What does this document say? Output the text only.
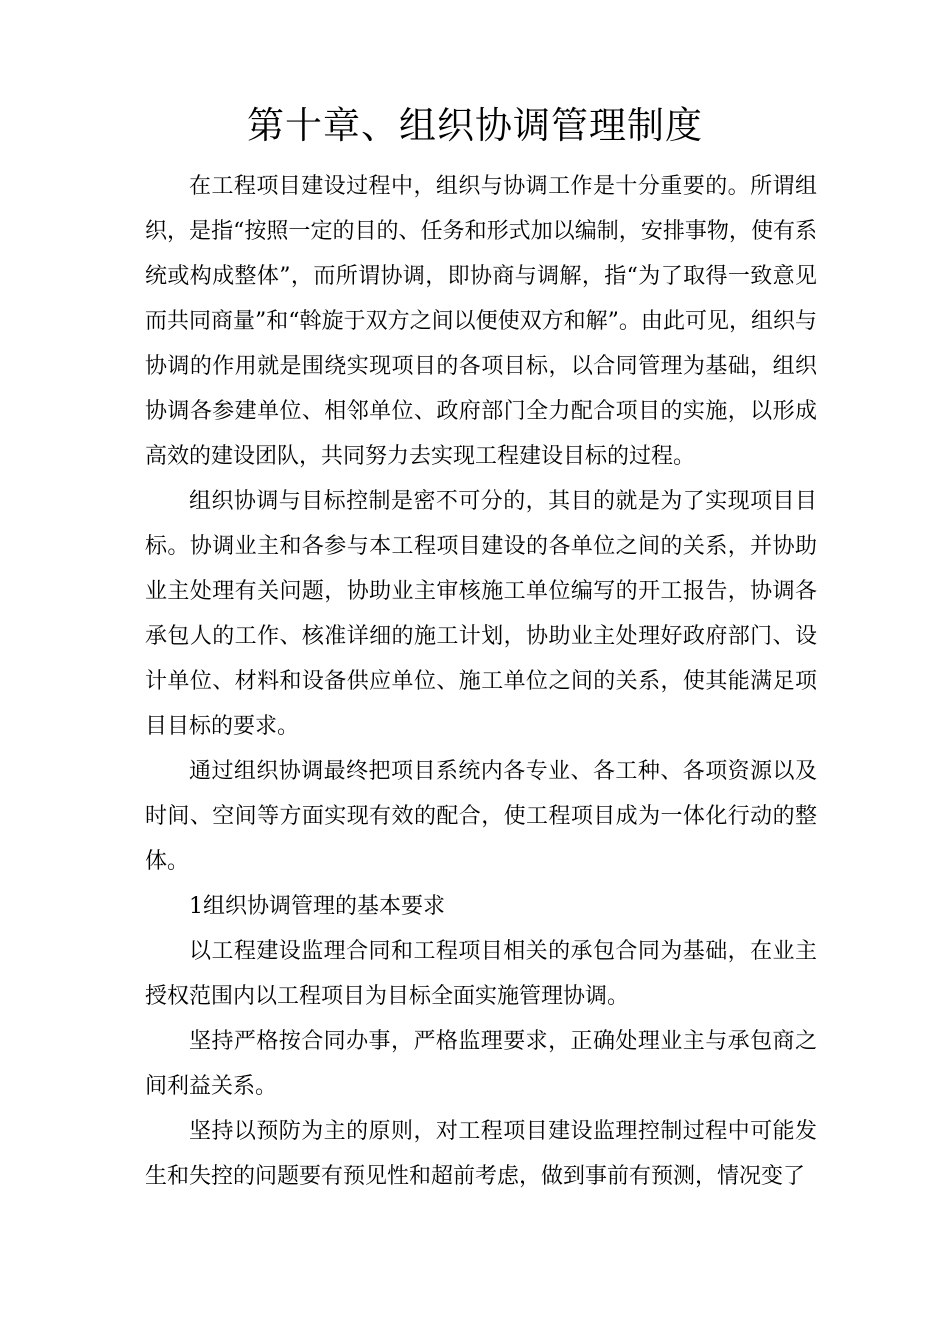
第十章、组织协调管理制度

在工程项目建设过程中，组织与协调工作是十分重要的。所谓组织，是指“按照一定的目的、任务和形式加以编制，安排事物，使有系统或构成整体”，而所谓协调，即协商与调解，指“为了取得一致意见而共同商量”和“斡旋于双方之间以便使双方和解”。由此可见，组织与协调的作用就是围绕实现项目的各项目标，以合同管理为基础，组织协调各参建单位、相邻单位、政府部门全力配合项目的实施，以形成高效的建设团队，共同努力去实现工程建设目标的过程。

组织协调与目标控制是密不可分的，其目的就是为了实现项目目标。协调业主和各参与本工程项目建设的各单位之间的关系，并协助业主处理有关问题，协助业主审核施工单位编写的开工报告，协调各承包人的工作、核准详细的施工计划，协助业主处理好政府部门、设计单位、材料和设备供应单位、施工单位之间的关系，使其能满足项目目标的要求。

通过组织协调最终把项目系统内各专业、各工种、各项资源以及时间、空间等方面实现有效的配合，使工程项目成为一体化行动的整体。

1组织协调管理的基本要求

以工程建设监理合同和工程项目相关的承包合同为基础，在业主授权范围内以工程项目为目标全面实施管理协调。

坚持严格按合同办事，严格监理要求，正确处理业主与承包商之间利益关系。

坚持以预防为主的原则，对工程项目建设监理控制过程中可能发生和失控的问题要有预见性和超前考虑，做到事前有预测，情况变了
